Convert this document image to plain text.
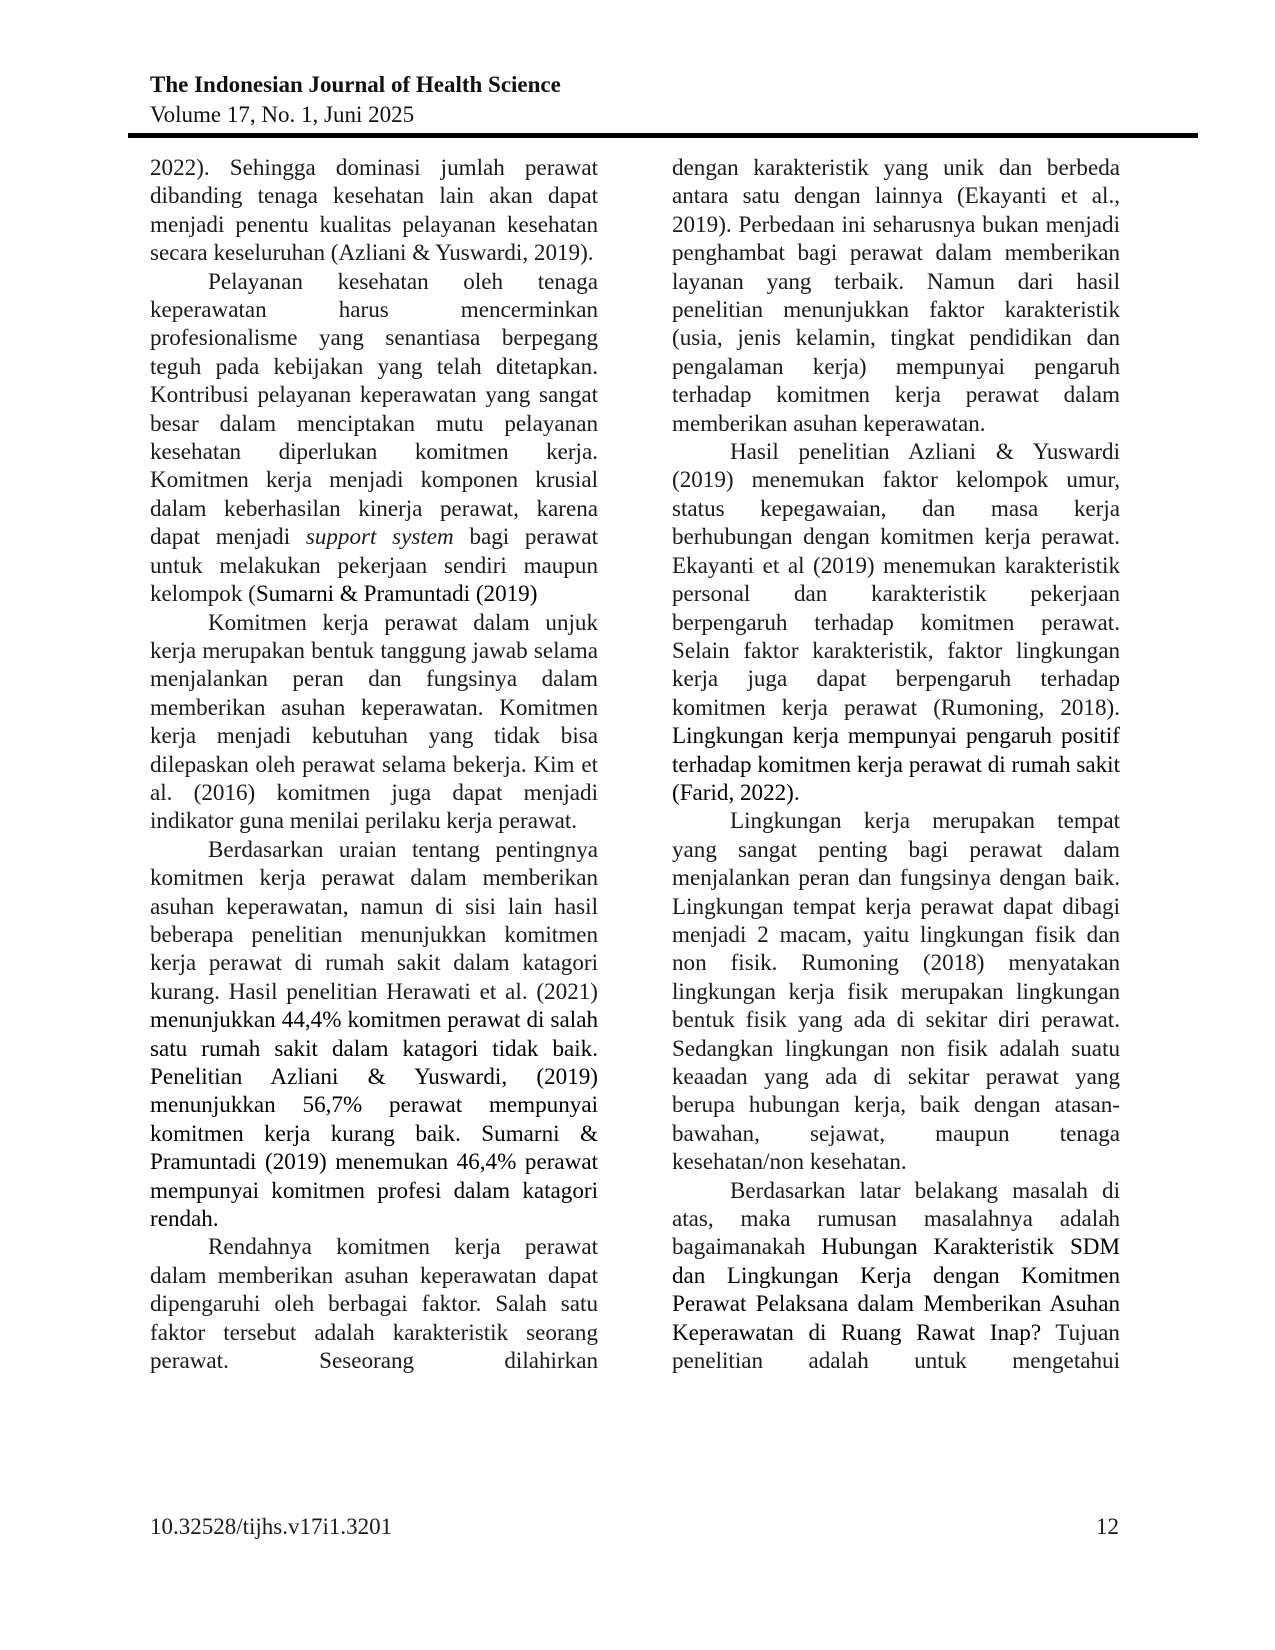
The Indonesian Journal of Health Science
Volume 17, No. 1, Juni 2025

2022). Sehingga dominasi jumlah perawat dibanding tenaga kesehatan lain akan dapat menjadi penentu kualitas pelayanan kesehatan secara keseluruhan (Azliani & Yuswardi, 2019).

Pelayanan kesehatan oleh tenaga keperawatan harus mencerminkan profesionalisme yang senantiasa berpegang teguh pada kebijakan yang telah ditetapkan. Kontribusi pelayanan keperawatan yang sangat besar dalam menciptakan mutu pelayanan kesehatan diperlukan komitmen kerja. Komitmen kerja menjadi komponen krusial dalam keberhasilan kinerja perawat, karena dapat menjadi support system bagi perawat untuk melakukan pekerjaan sendiri maupun kelompok (Sumarni & Pramuntadi (2019)

Komitmen kerja perawat dalam unjuk kerja merupakan bentuk tanggung jawab selama menjalankan peran dan fungsinya dalam memberikan asuhan keperawatan. Komitmen kerja menjadi kebutuhan yang tidak bisa dilepaskan oleh perawat selama bekerja. Kim et al. (2016) komitmen juga dapat menjadi indikator guna menilai perilaku kerja perawat.

Berdasarkan uraian tentang pentingnya komitmen kerja perawat dalam memberikan asuhan keperawatan, namun di sisi lain hasil beberapa penelitian menunjukkan komitmen kerja perawat di rumah sakit dalam katagori kurang. Hasil penelitian Herawati et al. (2021) menunjukkan 44,4% komitmen perawat di salah satu rumah sakit dalam katagori tidak baik. Penelitian Azliani & Yuswardi, (2019) menunjukkan 56,7% perawat mempunyai komitmen kerja kurang baik. Sumarni & Pramuntadi (2019) menemukan 46,4% perawat mempunyai komitmen profesi dalam katagori rendah.

Rendahnya komitmen kerja perawat dalam memberikan asuhan keperawatan dapat dipengaruhi oleh berbagai faktor. Salah satu faktor tersebut adalah karakteristik seorang perawat. Seseorang dilahirkan

dengan karakteristik yang unik dan berbeda antara satu dengan lainnya (Ekayanti et al., 2019). Perbedaan ini seharusnya bukan menjadi penghambat bagi perawat dalam memberikan layanan yang terbaik. Namun dari hasil penelitian menunjukkan faktor karakteristik (usia, jenis kelamin, tingkat pendidikan dan pengalaman kerja) mempunyai pengaruh terhadap komitmen kerja perawat dalam memberikan asuhan keperawatan.

Hasil penelitian Azliani & Yuswardi (2019) menemukan faktor kelompok umur, status kepegawaian, dan masa kerja berhubungan dengan komitmen kerja perawat. Ekayanti et al (2019) menemukan karakteristik personal dan karakteristik pekerjaan berpengaruh terhadap komitmen perawat. Selain faktor karakteristik, faktor lingkungan kerja juga dapat berpengaruh terhadap komitmen kerja perawat (Rumoning, 2018). Lingkungan kerja mempunyai pengaruh positif terhadap komitmen kerja perawat di rumah sakit (Farid, 2022).

Lingkungan kerja merupakan tempat yang sangat penting bagi perawat dalam menjalankan peran dan fungsinya dengan baik. Lingkungan tempat kerja perawat dapat dibagi menjadi 2 macam, yaitu lingkungan fisik dan non fisik. Rumoning (2018) menyatakan lingkungan kerja fisik merupakan lingkungan bentuk fisik yang ada di sekitar diri perawat. Sedangkan lingkungan non fisik adalah suatu keaadan yang ada di sekitar perawat yang berupa hubungan kerja, baik dengan atasan-bawahan, sejawat, maupun tenaga kesehatan/non kesehatan.

Berdasarkan latar belakang masalah di atas, maka rumusan masalahnya adalah bagaimanakah Hubungan Karakteristik SDM dan Lingkungan Kerja dengan Komitmen Perawat Pelaksana dalam Memberikan Asuhan Keperawatan di Ruang Rawat Inap? Tujuan penelitian adalah untuk mengetahui

10.32528/tijhs.v17i1.3201	12
